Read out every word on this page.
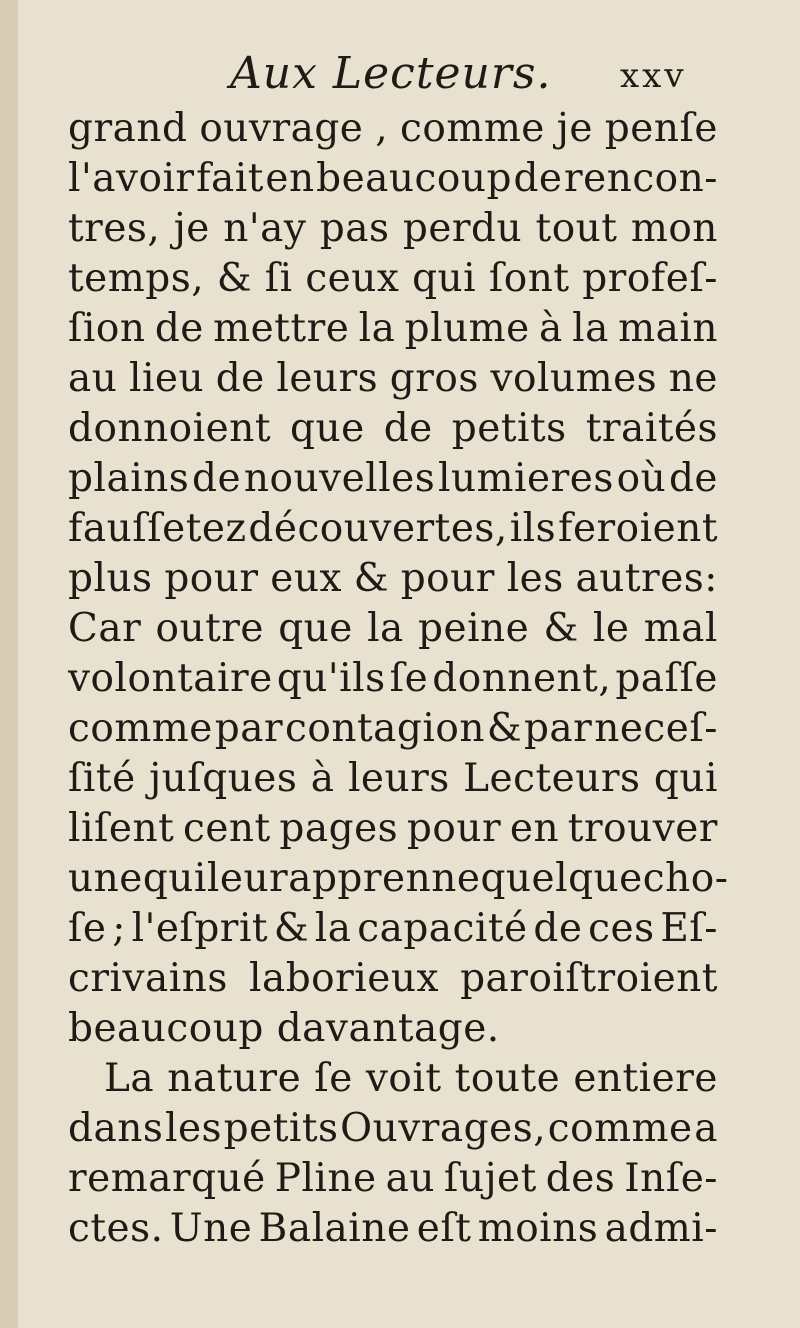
Aux Lecteurs. xxv
grand ouvrage , comme je penſe
l'avoir fait en beaucoup de rencon-
tres, je n'ay pas perdu tout mon
temps, & ſi ceux qui ſont profeſ-
ſion de mettre la plume à la main
au lieu de leurs gros volumes ne
donnoient que de petits traités
plains de nouvelles lumieres où de
fauſſetez découvertes, ils feroient
plus pour eux & pour les autres:
Car outre que la peine & le mal
volontaire qu'ils ſe donnent, paſſe
comme par contagion & par neceſ-
ſité juſques à leurs Lecteurs qui
liſent cent pages pour en trouver
une qui leur apprenne quelque cho-
ſe ; l'eſprit & la capacité de ces Eſ-
crivains laborieux paroiſtroient
beaucoup davantage.
La nature ſe voit toute entiere
dans les petits Ouvrages, comme a
remarqué Pline au ſujet des Inſe-
ctes. Une Balaine eſt moins admi-
